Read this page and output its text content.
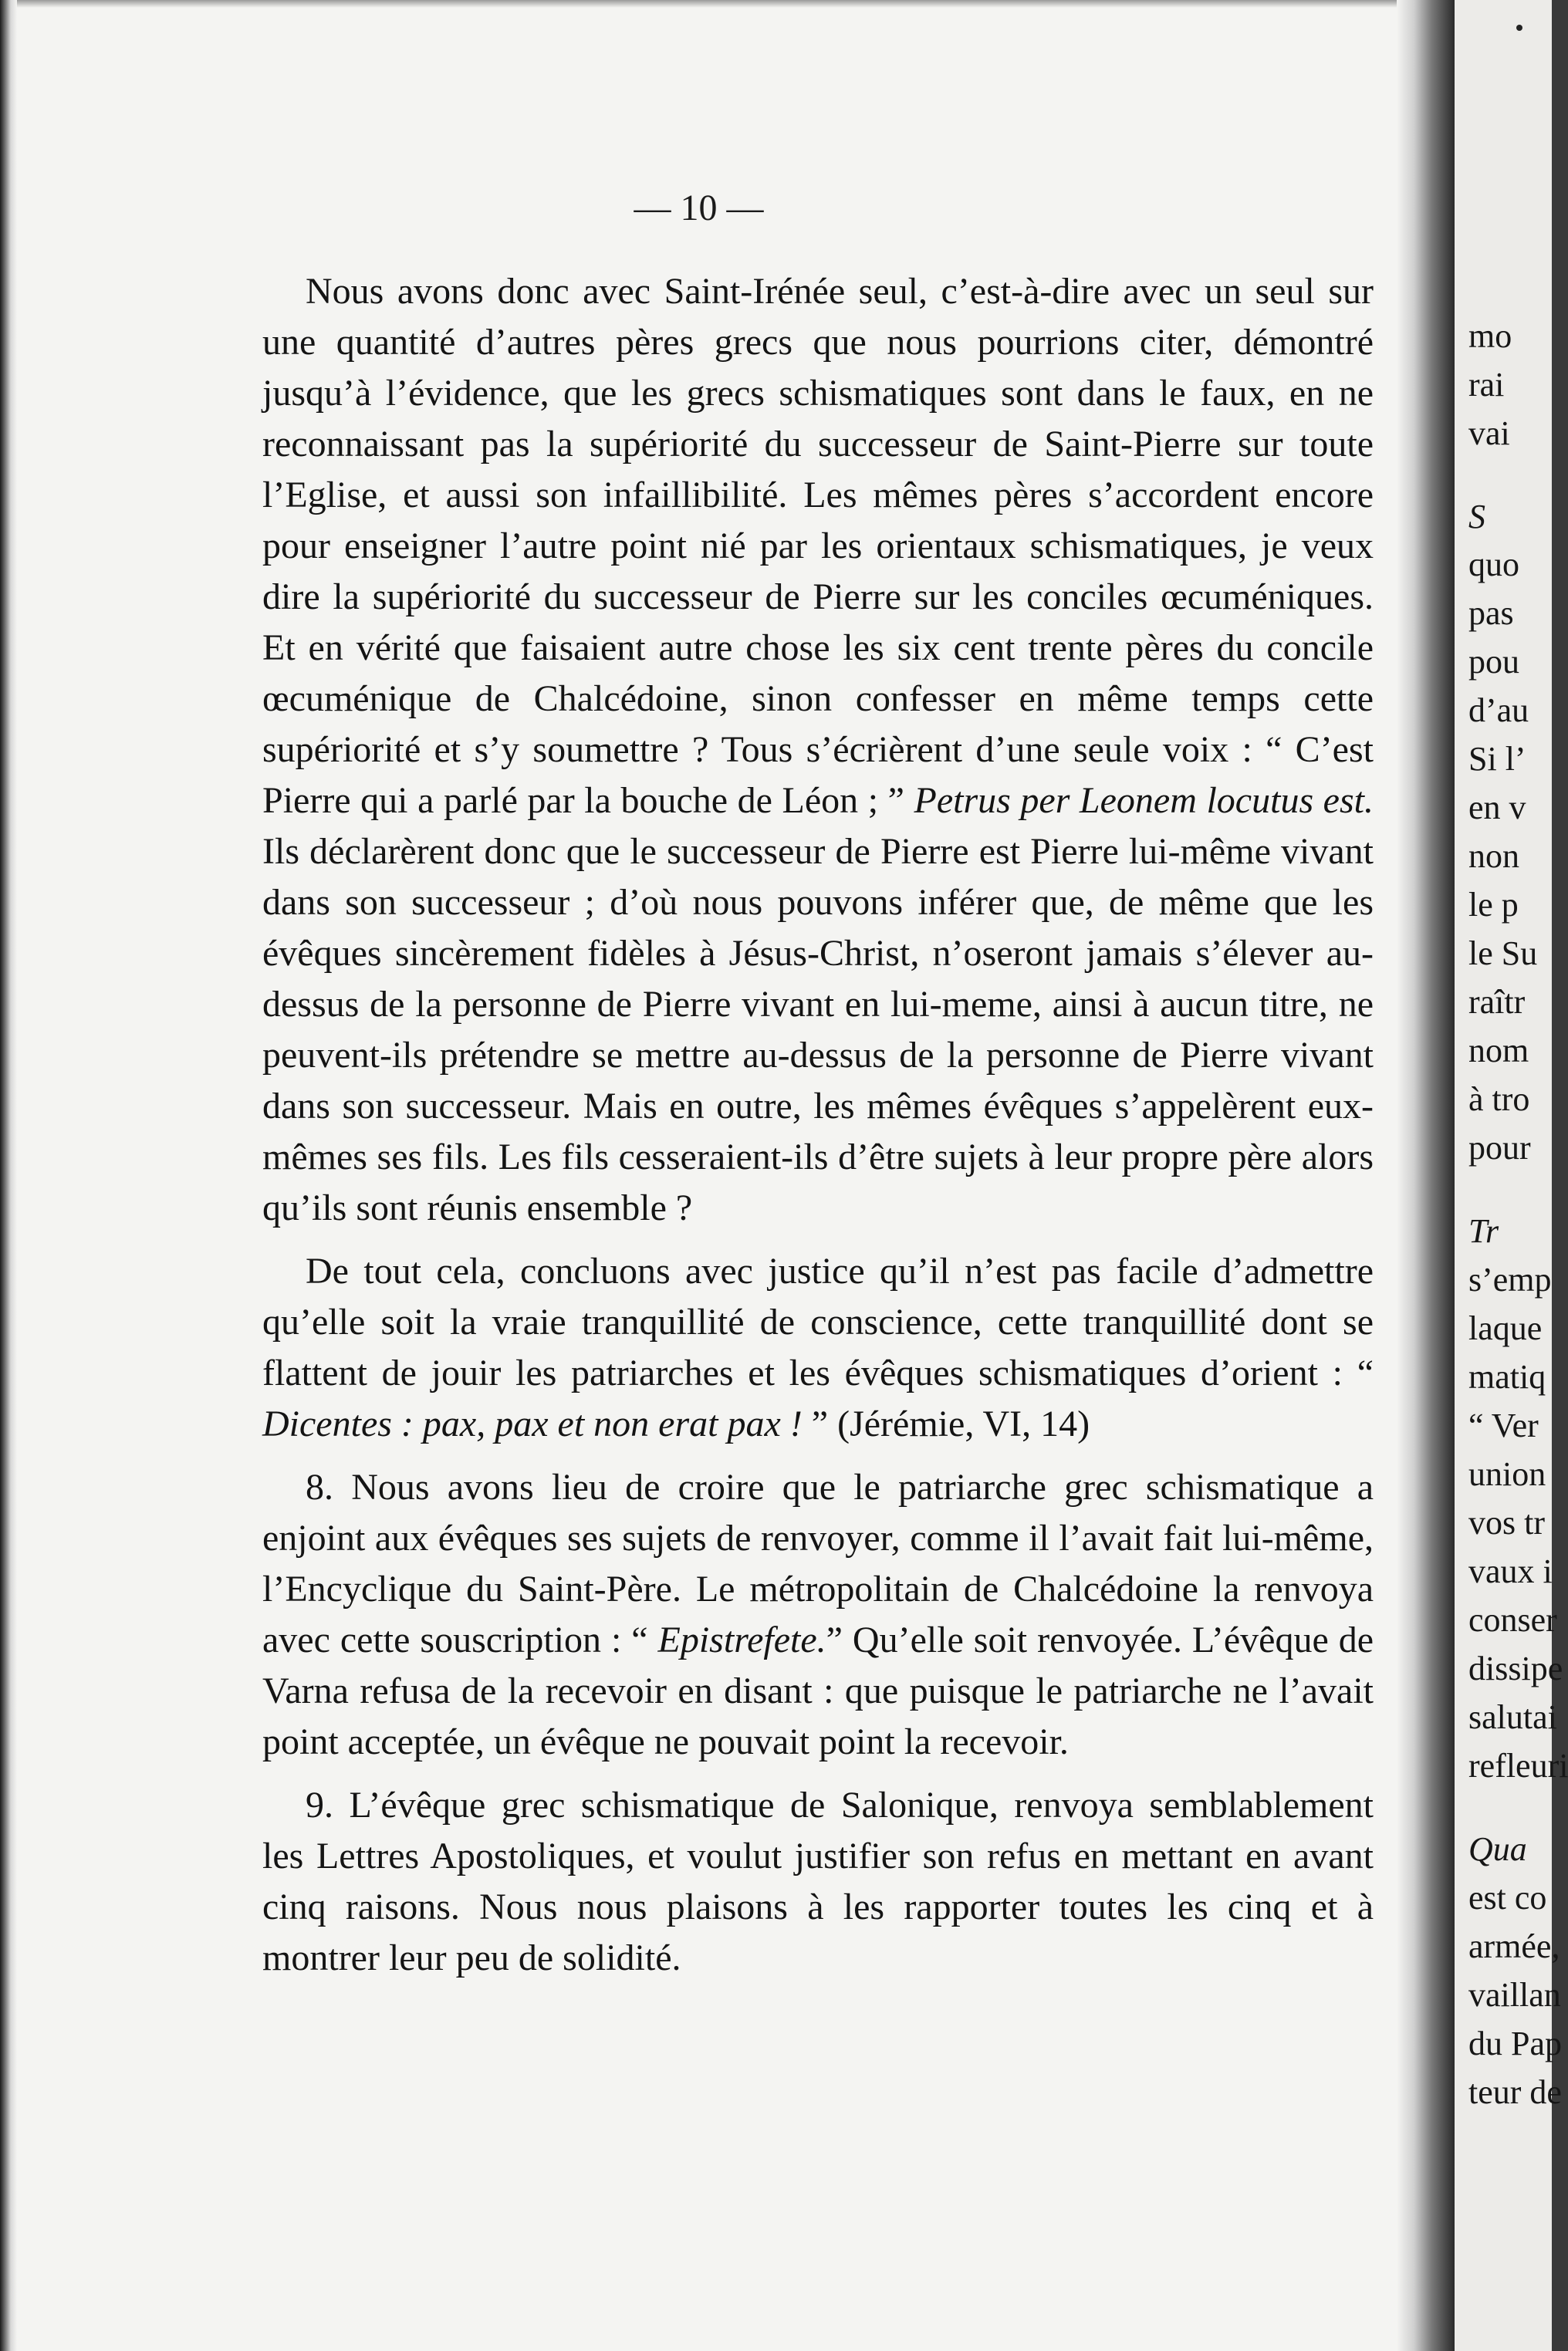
— 10 —

Nous avons donc avec Saint-Irénée seul, c’est-à-dire avec un seul sur une quantité d’autres pères grecs que nous pourrions citer, démontré jusqu’à l’évidence, que les grecs schismatiques sont dans le faux, en ne reconnaissant pas la supériorité du successeur de Saint-Pierre sur toute l’Eglise, et aussi son infaillibilité. Les mêmes pères s’accordent encore pour enseigner l’autre point nié par les orientaux schismatiques, je veux dire la supériorité du successeur de Pierre sur les conciles œcuméniques. Et en vérité que faisaient autre chose les six cent trente pères du concile œcuménique de Chalcédoine, sinon confesser en même temps cette supériorité et s’y soumettre ? Tous s’écrièrent d’une seule voix : “ C’est Pierre qui a parlé par la bouche de Léon ; ” Petrus per Leonem locutus est. Ils déclarèrent donc que le successeur de Pierre est Pierre lui-même vivant dans son successeur ; d’où nous pouvons inférer que, de même que les évêques sincèrement fidèles à Jésus-Christ, n’oseront jamais s’élever au-dessus de la personne de Pierre vivant en lui-meme, ainsi à aucun titre, ne peuvent-ils prétendre se mettre au-dessus de la personne de Pierre vivant dans son successeur. Mais en outre, les mêmes évêques s’appelèrent eux-mêmes ses fils. Les fils cesseraient-ils d’être sujets à leur propre père alors qu’ils sont réunis ensemble ?

De tout cela, concluons avec justice qu’il n’est pas facile d’admettre qu’elle soit la vraie tranquillité de conscience, cette tranquillité dont se flattent de jouir les patriarches et les évêques schismatiques d’orient : “ Dicentes : pax, pax et non erat pax ! ” (Jérémie, VI, 14)

8. Nous avons lieu de croire que le patriarche grec schismatique a enjoint aux évêques ses sujets de renvoyer, comme il l’avait fait lui-même, l’Encyclique du Saint-Père. Le métropolitain de Chalcédoine la renvoya avec cette souscription : “ Epistrefete.” Qu’elle soit renvoyée. L’évêque de Varna refusa de la recevoir en disant : que puisque le patriarche ne l’avait point acceptée, un évêque ne pouvait point la recevoir.

9. L’évêque grec schismatique de Salonique, renvoya semblablement les Lettres Apostoliques, et voulut justifier son refus en mettant en avant cinq raisons. Nous nous plaisons à les rapporter toutes les cinq et à montrer leur peu de solidité.

mo
rai
vai
S
quo
pas
pou
d’au
Si l’
en v
non
le p
le Su
raîtr
nom
à tro
pour
Tr
s’emp
laque
matiq
“ Ver
union
vos tr
vaux i
conser
dissipe
salutai
refleuri
Qua
est co
armée,
vaillan
du Pap
teur de
